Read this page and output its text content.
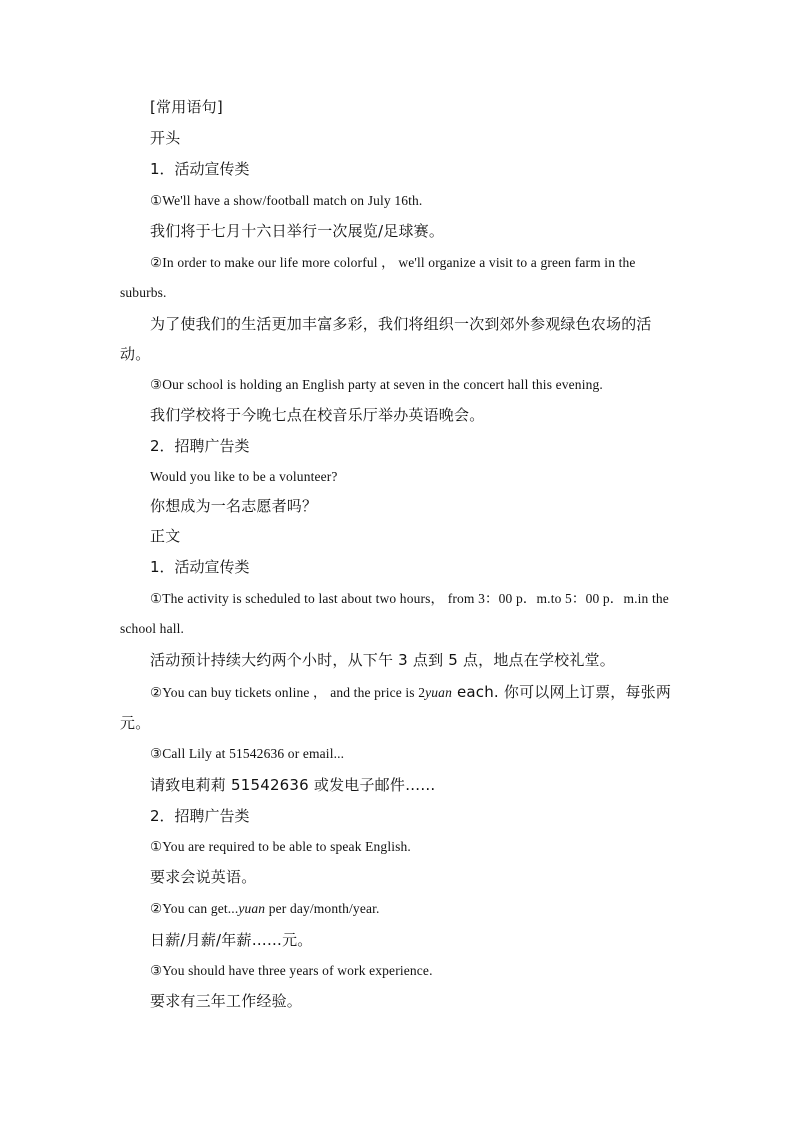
[常用语句]
开头
1．活动宣传类
①We'll have a show/football match on July 16th.
我们将于七月十六日举行一次展览/足球赛。
②In order to make our life more colorful ， we'll organize a visit to a green farm in the suburbs.
为了使我们的生活更加丰富多彩，我们将组织一次到郊外参观绿色农场的活动。
③Our school is holding an English party at seven in the concert hall this evening.
我们学校将于今晚七点在校音乐厅举办英语晚会。
2．招聘广告类
Would you like to be a volunteer?
你想成为一名志愿者吗？
正文
1．活动宣传类
①The activity is scheduled to last about two hours， from 3：00 p．m.to 5：00 p．m.in the school hall.
活动预计持续大约两个小时，从下午 3 点到 5 点，地点在学校礼堂。
②You can buy tickets online ， and the price is 2yuan each. 你可以网上订票，每张两元。
③Call Lily at 51542636 or email...
请致电莉莉 51542636 或发电子邮件……
2．招聘广告类
①You are required to be able to speak English.
要求会说英语。
②You can get...yuan per day/month/year.
日薪/月薪/年薪……元。
③You should have three years of work experience.
要求有三年工作经验。
